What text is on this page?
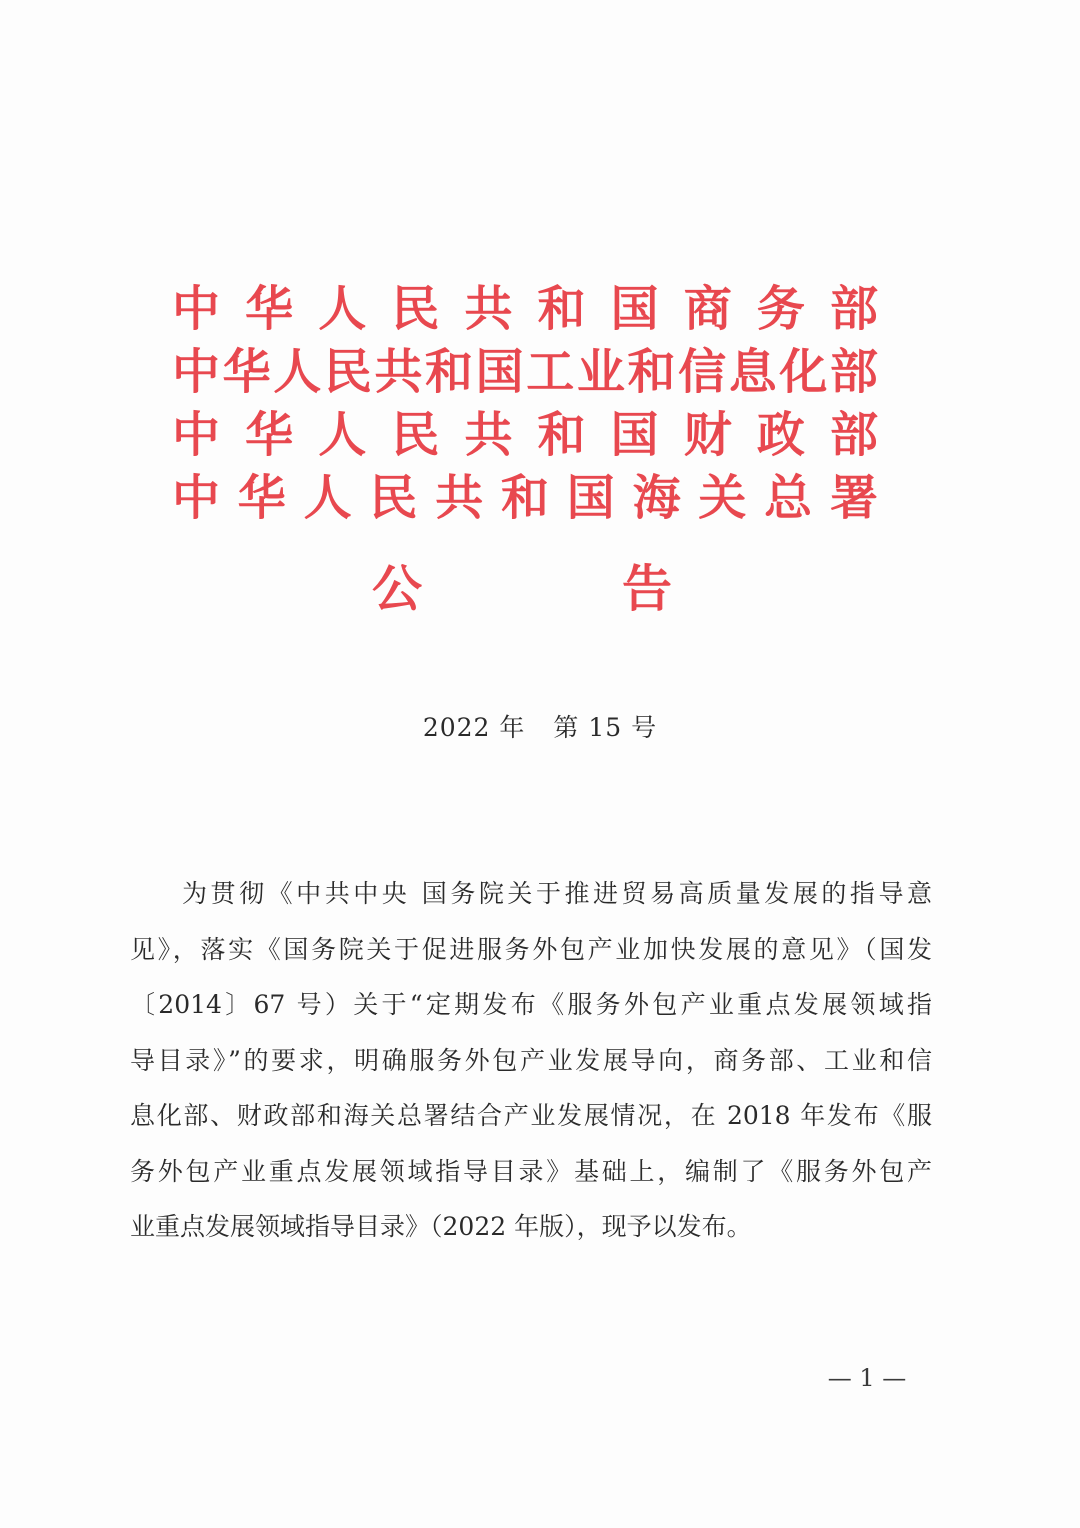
中 华 人 民 共 和 国 商 务 部
中 华 人 民 共 和 国 工 业 和 信 息 化 部
中 华 人 民 共 和 国 财 政 部
中 华 人 民 共 和 国 海 关 总 署
公	告
2022 年 第 15 号
为贯彻《中共中央 国务院关于推进贸易高质量发展的指导意
见》，落实《国务院关于促进服务外包产业加快发展的意见》（国发
〔2014〕67 号）关于“定期发布《服务外包产业重点发展领域指
导目录》”的要求，明确服务外包产业发展导向，商务部、工业和信
息化部、财政部和海关总署结合产业发展情况，在 2018 年发布《服
务外包产业重点发展领域指导目录》基础上，编制了《服务外包产
业重点发展领域指导目录》（2022 年版），现予以发布。
— 1 —
